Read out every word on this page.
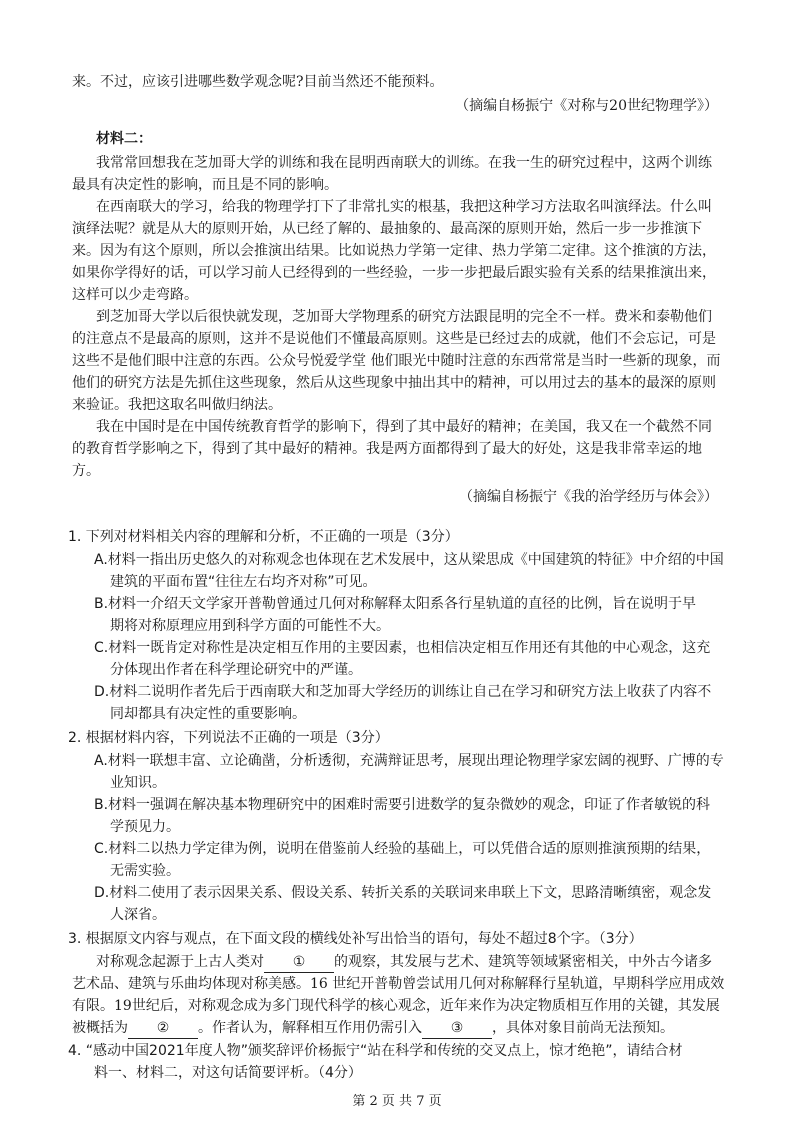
来。不过，应该引进哪些数学观念呢?目前当然还不能预料。
（摘编自杨振宁《对称与20世纪物理学》）
材料二：
我常常回想我在芝加哥大学的训练和我在昆明西南联大的训练。在我一生的研究过程中，这两个训练
最具有决定性的影响，而且是不同的影响。
在西南联大的学习，给我的物理学打下了非常扎实的根基，我把这种学习方法取名叫演绎法。什么叫
演绎法呢？就是从大的原则开始，从已经了解的、最抽象的、最高深的原则开始，然后一步一步推演下
来。因为有这个原则，所以会推演出结果。比如说热力学第一定律、热力学第二定律。这个推演的方法，
如果你学得好的话，可以学习前人已经得到的一些经验，一步一步把最后跟实验有关系的结果推演出来，
这样可以少走弯路。
到芝加哥大学以后很快就发现，芝加哥大学物理系的研究方法跟昆明的完全不一样。费米和泰勒他们
的注意点不是最高的原则，这并不是说他们不懂最高原则。这些是已经过去的成就，他们不会忘记，可是
这些不是他们眼中注意的东西。公众号悦爱学堂 他们眼光中随时注意的东西常常是当时一些新的现象，而
他们的研究方法是先抓住这些现象，然后从这些现象中抽出其中的精神，可以用过去的基本的最深的原则
来验证。我把这取名叫做归纳法。
我在中国时是在中国传统教育哲学的影响下，得到了其中最好的精神；在美国，我又在一个截然不同
的教育哲学影响之下，得到了其中最好的精神。我是两方面都得到了最大的好处，这是我非常幸运的地
方。
（摘编自杨振宁《我的治学经历与体会》）
1. 下列对材料相关内容的理解和分析，不正确的一项是（3分）
A.材料一指出历史悠久的对称观念也体现在艺术发展中，这从梁思成《中国建筑的特征》中介绍的中国
建筑的平面布置“往往左右均齐对称”可见。
B.材料一介绍天文学家开普勒曾通过几何对称解释太阳系各行星轨道的直径的比例，旨在说明于早
期将对称原理应用到科学方面的可能性不大。
C.材料一既肯定对称性是决定相互作用的主要因素，也相信决定相互作用还有其他的中心观念，这充
分体现出作者在科学理论研究中的严谨。
D.材料二说明作者先后于西南联大和芝加哥大学经历的训练让自己在学习和研究方法上收获了内容不
同却都具有决定性的重要影响。
2. 根据材料内容，下列说法不正确的一项是（3分）
A.材料一联想丰富、立论确凿，分析透彻，充满辩证思考，展现出理论物理学家宏阔的视野、广博的专
业知识。
B.材料一强调在解决基本物理研究中的困难时需要引进数学的复杂微妙的观念，印证了作者敏锐的科
学预见力。
C.材料二以热力学定律为例，说明在借鉴前人经验的基础上，可以凭借合适的原则推演预期的结果，
无需实验。
D.材料二使用了表示因果关系、假设关系、转折关系的关联词来串联上下文，思路清晰缜密，观念发
人深省。
3. 根据原文内容与观点，在下面文段的横线处补写出恰当的语句，每处不超过8个字。（3分）
对称观念起源于上古人类对 ① 的观察，其发展与艺术、建筑等领域紧密相关，中外古今诸多
艺术品、建筑与乐曲均体现对称美感。16 世纪开普勒曾尝试用几何对称解释行星轨道，早期科学应用成效
有限。19世纪后，对称观念成为多门现代科学的核心观念，近年来作为决定物质相互作用的关键，其发展
被概括为 ② 。作者认为，解释相互作用仍需引入 ③ ，具体对象目前尚无法预知。
4. “感动中国2021年度人物”颁奖辞评价杨振宁“站在科学和传统的交叉点上，惊才绝艳”，请结合材
料一、材料二，对这句话简要评析。（4分）
第 2 页 共 7 页
